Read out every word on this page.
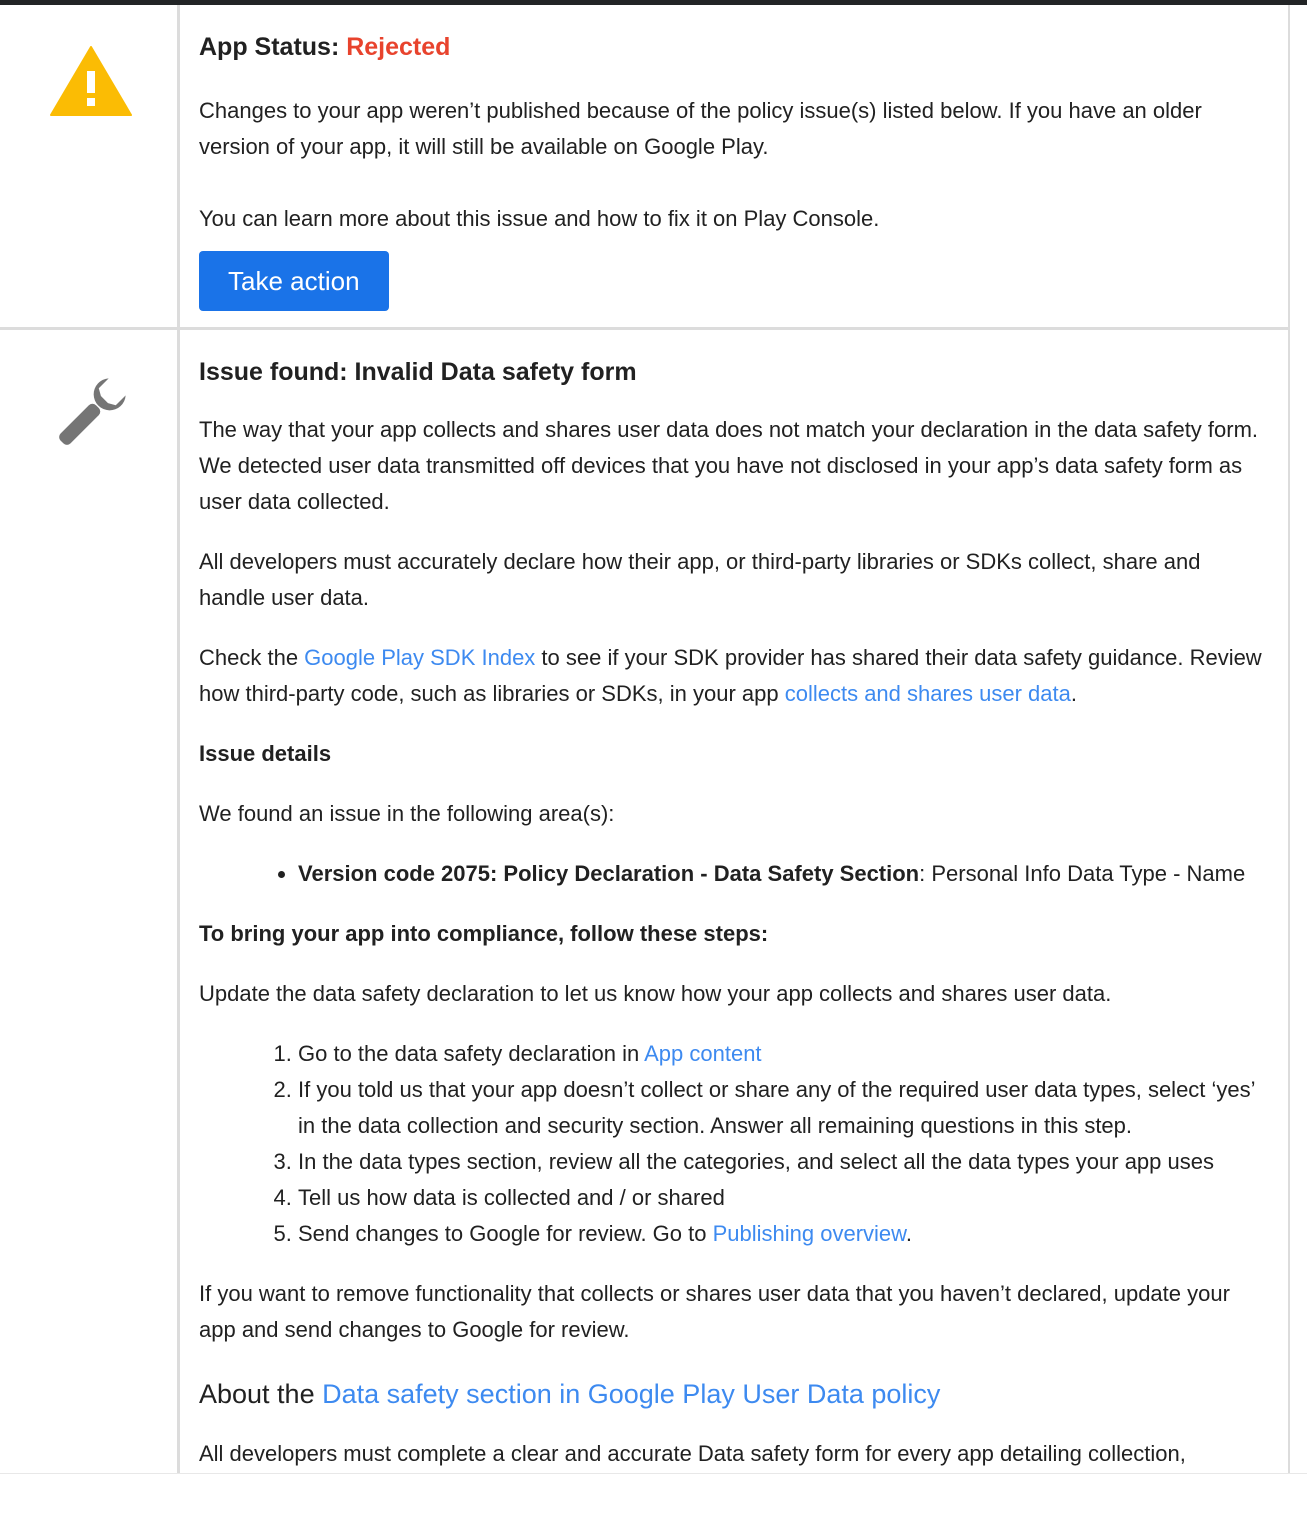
App Status: Rejected

Changes to your app weren’t published because of the policy issue(s) listed below. If you have an older version of your app, it will still be available on Google Play.

You can learn more about this issue and how to fix it on Play Console.

Take action
Issue found: Invalid Data safety form

The way that your app collects and shares user data does not match your declaration in the data safety form. We detected user data transmitted off devices that you have not disclosed in your app’s data safety form as user data collected.

All developers must accurately declare how their app, or third-party libraries or SDKs collect, share and handle user data.

Check the Google Play SDK Index to see if your SDK provider has shared their data safety guidance. Review how third-party code, such as libraries or SDKs, in your app collects and shares user data.

Issue details

We found an issue in the following area(s):

• Version code 2075: Policy Declaration - Data Safety Section: Personal Info Data Type - Name

To bring your app into compliance, follow these steps:

Update the data safety declaration to let us know how your app collects and shares user data.

1. Go to the data safety declaration in App content
2. If you told us that your app doesn’t collect or share any of the required user data types, select ‘yes’ in the data collection and security section. Answer all remaining questions in this step.
3. In the data types section, review all the categories, and select all the data types your app uses
4. Tell us how data is collected and / or shared
5. Send changes to Google for review. Go to Publishing overview.

If you want to remove functionality that collects or shares user data that you haven’t declared, update your app and send changes to Google for review.

About the Data safety section in Google Play User Data policy

All developers must complete a clear and accurate Data safety form for every app detailing collection,
